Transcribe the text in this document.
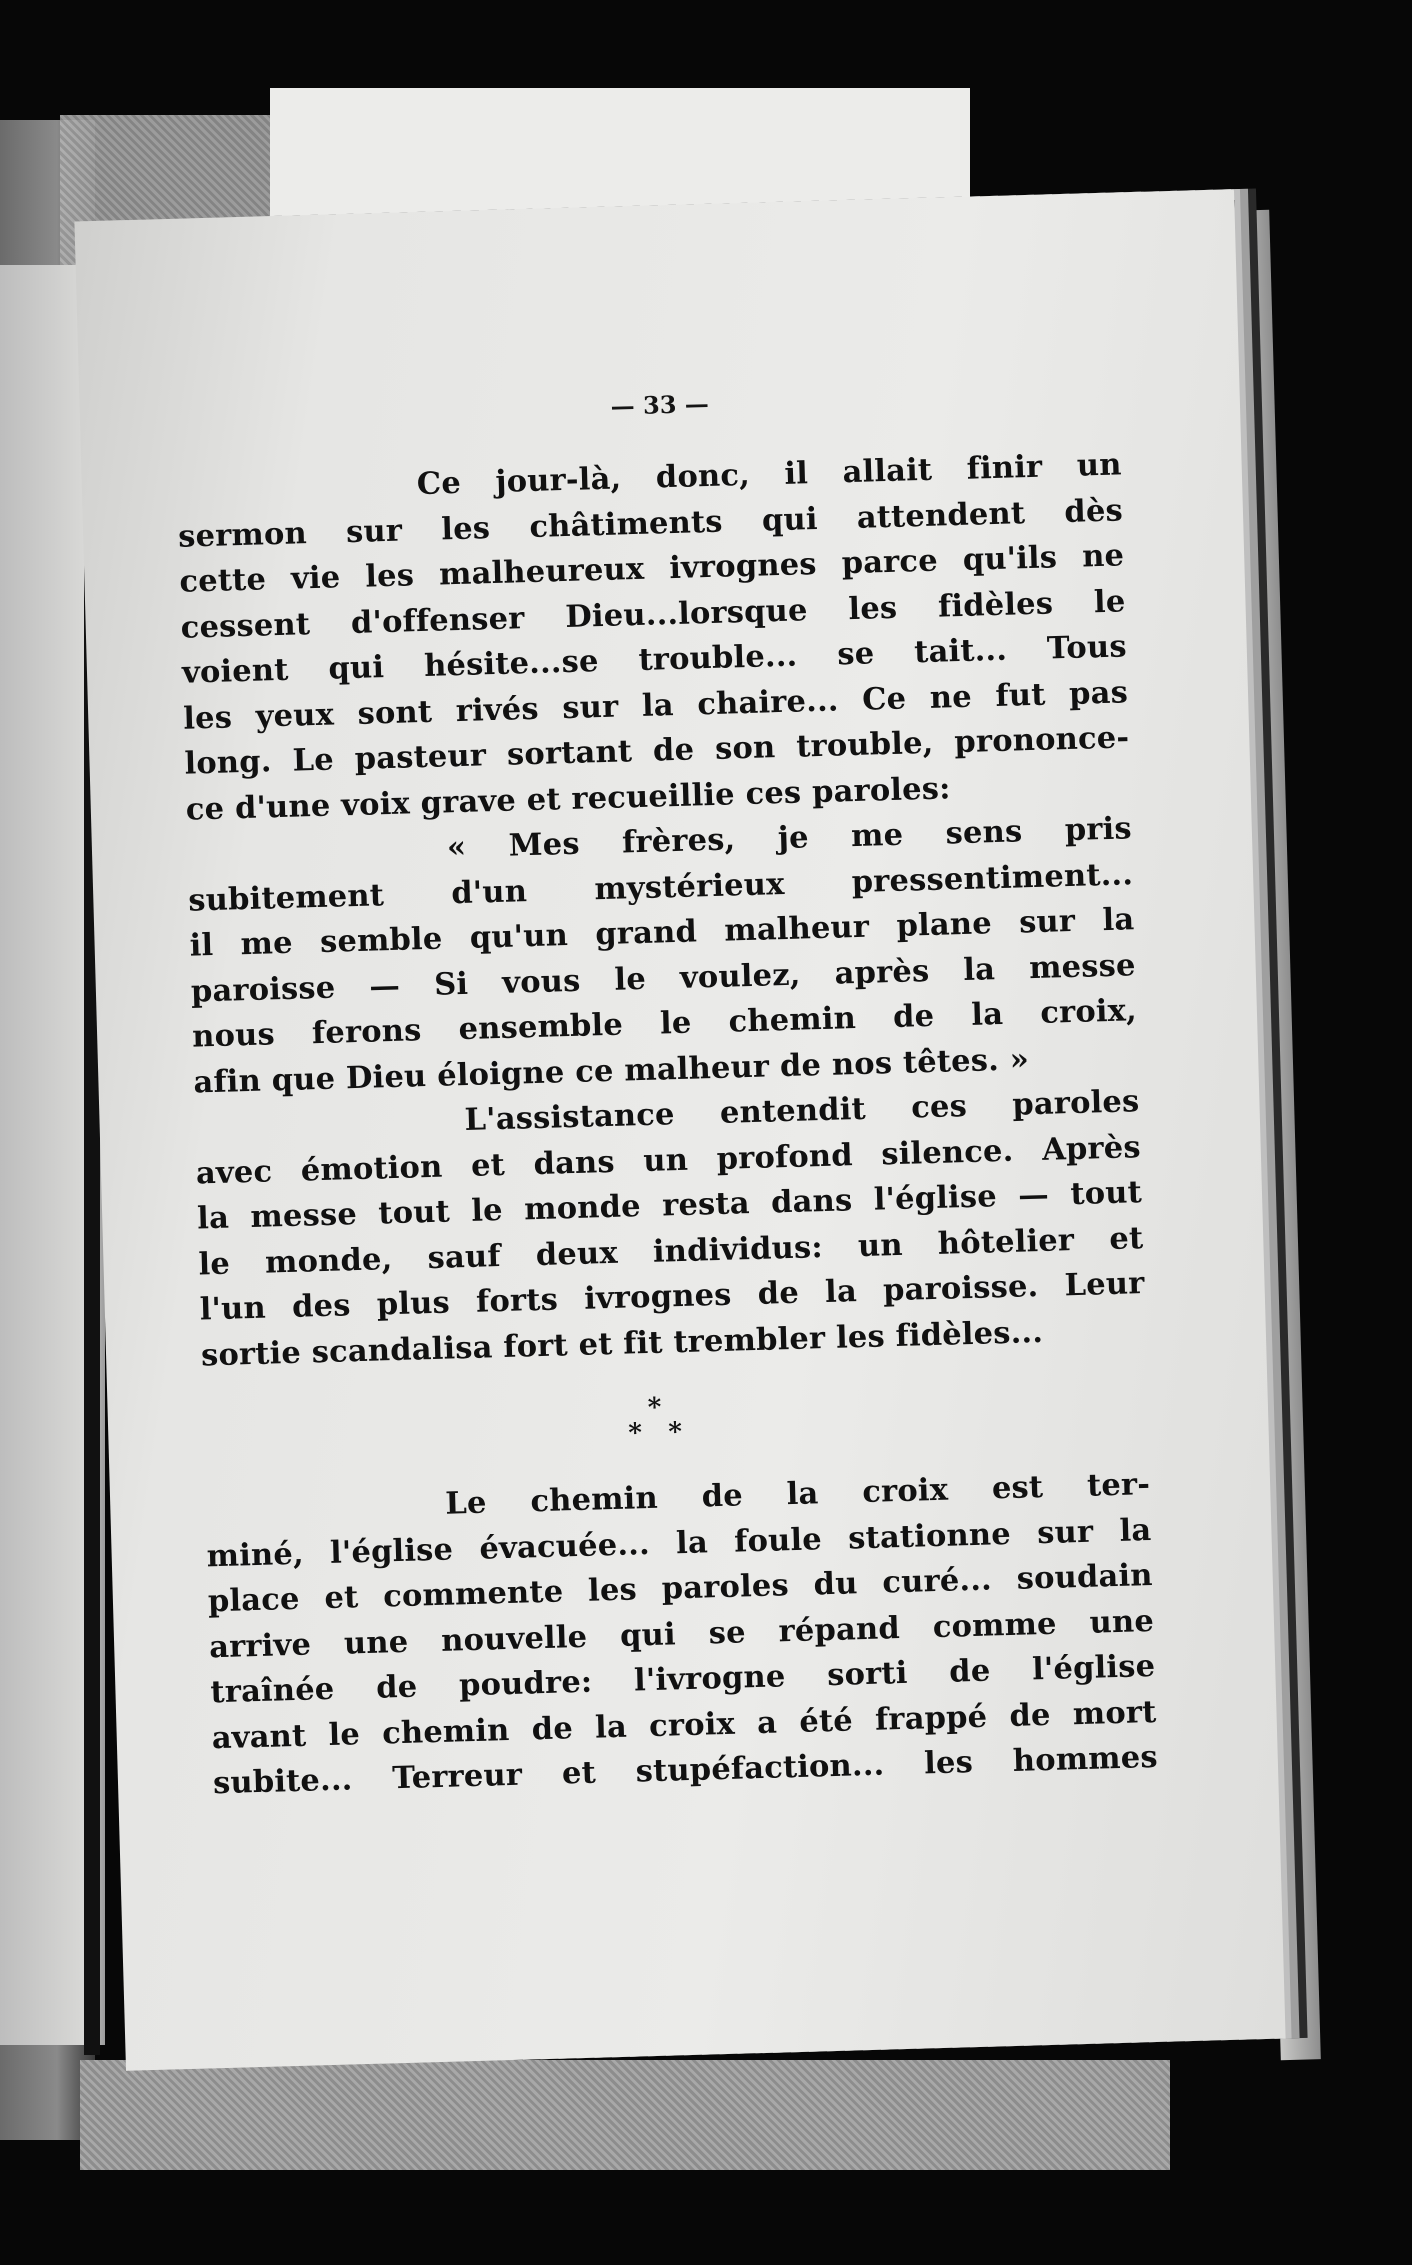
— 33 —
Ce jour-là, donc, il allait finir un
sermon sur les châtiments qui attendent dès
cette vie les malheureux ivrognes parce qu'ils ne
cessent d'offenser Dieu...lorsque les fidèles le
voient qui hésite...se trouble... se tait... Tous
les yeux sont rivés sur la chaire... Ce ne fut pas
long. Le pasteur sortant de son trouble, prononce-
ce d'une voix grave et recueillie ces paroles:
« Mes frères, je me sens pris
subitement d'un mystérieux pressentiment...
il me semble qu'un grand malheur plane sur la
paroisse — Si vous le voulez, après la messe
nous ferons ensemble le chemin de la croix,
afin que Dieu éloigne ce malheur de nos têtes. »
L'assistance entendit ces paroles
avec émotion et dans un profond silence. Après
la messe tout le monde resta dans l'église — tout
le monde, sauf deux individus: un hôtelier et
l'un des plus forts ivrognes de la paroisse. Leur
sortie scandalisa fort et fit trembler les fidèles...
*
* *
Le chemin de la croix est ter-
miné, l'église évacuée... la foule stationne sur la
place et commente les paroles du curé... soudain
arrive une nouvelle qui se répand comme une
traînée de poudre: l'ivrogne sorti de l'église
avant le chemin de la croix a été frappé de mort
subite... Terreur et stupéfaction... les hommes
